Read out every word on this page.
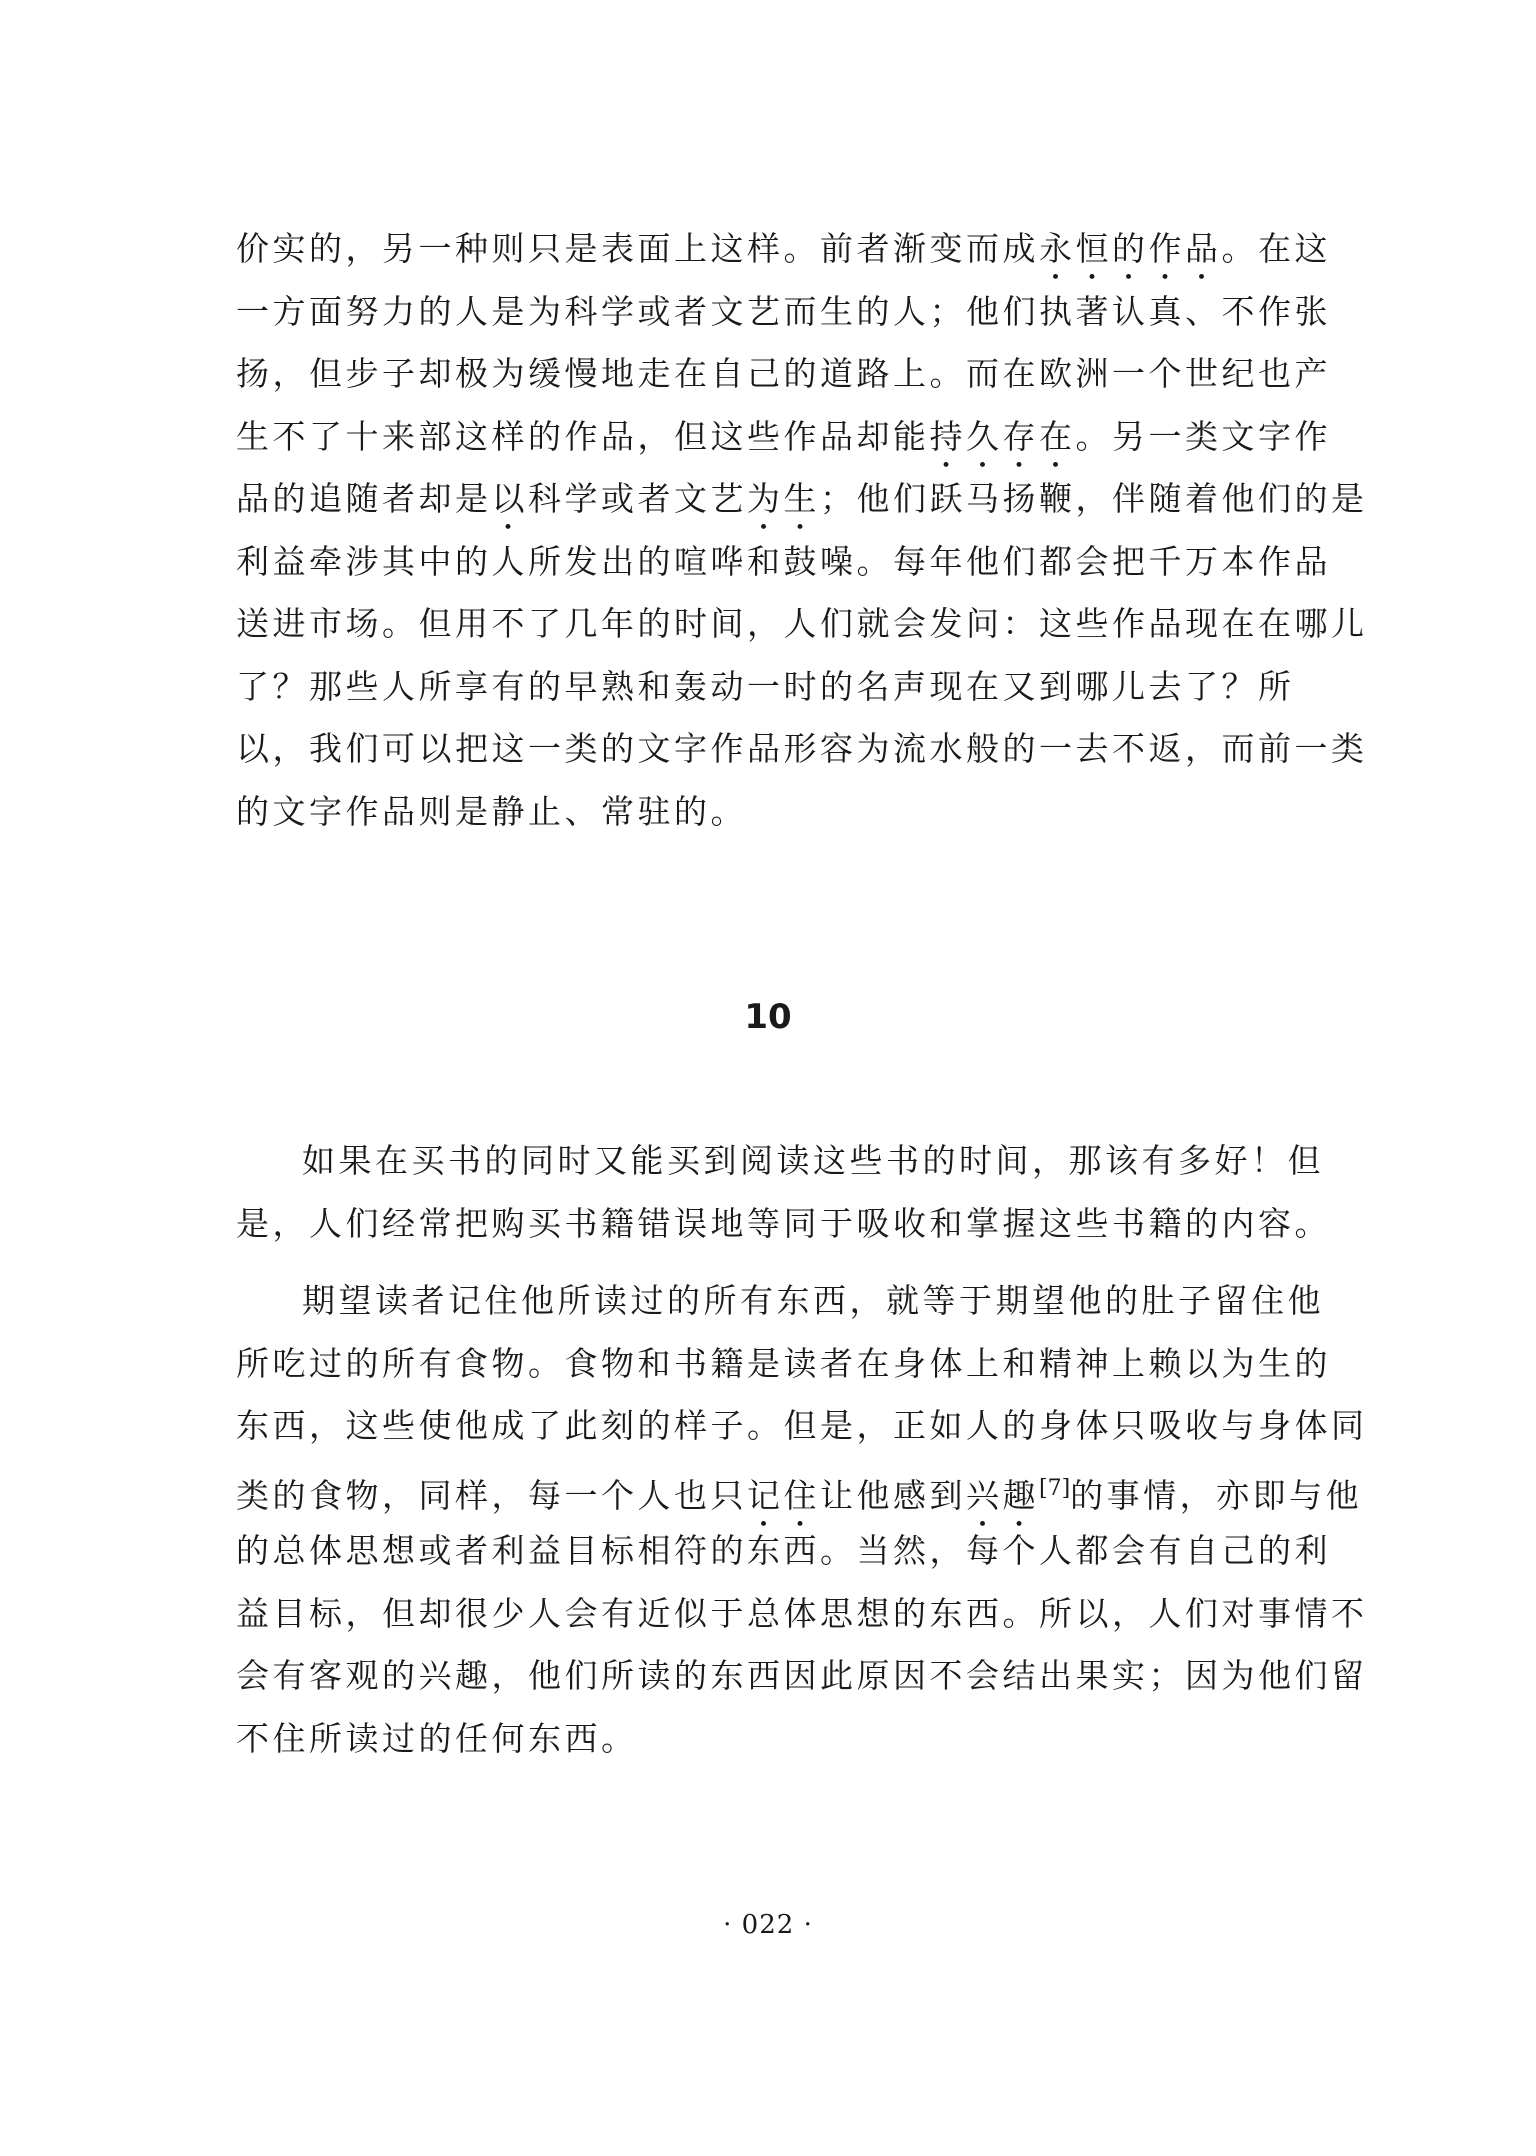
价实的，另一种则只是表面上这样。前者渐变而成永恒的作品。在这
一方面努力的人是为科学或者文艺而生的人；他们执著认真、不作张
扬，但步子却极为缓慢地走在自己的道路上。而在欧洲一个世纪也产
生不了十来部这样的作品，但这些作品却能持久存在。另一类文字作
品的追随者却是以科学或者文艺为生；他们跃马扬鞭，伴随着他们的是
利益牵涉其中的人所发出的喧哗和鼓噪。每年他们都会把千万本作品
送进市场。但用不了几年的时间，人们就会发问：这些作品现在在哪儿
了？那些人所享有的早熟和轰动一时的名声现在又到哪儿去了？所
以，我们可以把这一类的文字作品形容为流水般的一去不返，而前一类
的文字作品则是静止、常驻的。
10
如果在买书的同时又能买到阅读这些书的时间，那该有多好！但
是，人们经常把购买书籍错误地等同于吸收和掌握这些书籍的内容。
期望读者记住他所读过的所有东西，就等于期望他的肚子留住他
所吃过的所有食物。食物和书籍是读者在身体上和精神上赖以为生的
东西，这些使他成了此刻的样子。但是，正如人的身体只吸收与身体同
类的食物，同样，每一个人也只记住让他感到兴趣[7]的事情，亦即与他
的总体思想或者利益目标相符的东西。当然，每个人都会有自己的利
益目标，但却很少人会有近似于总体思想的东西。所以，人们对事情不
会有客观的兴趣，他们所读的东西因此原因不会结出果实；因为他们留
不住所读过的任何东西。
· 022 ·
